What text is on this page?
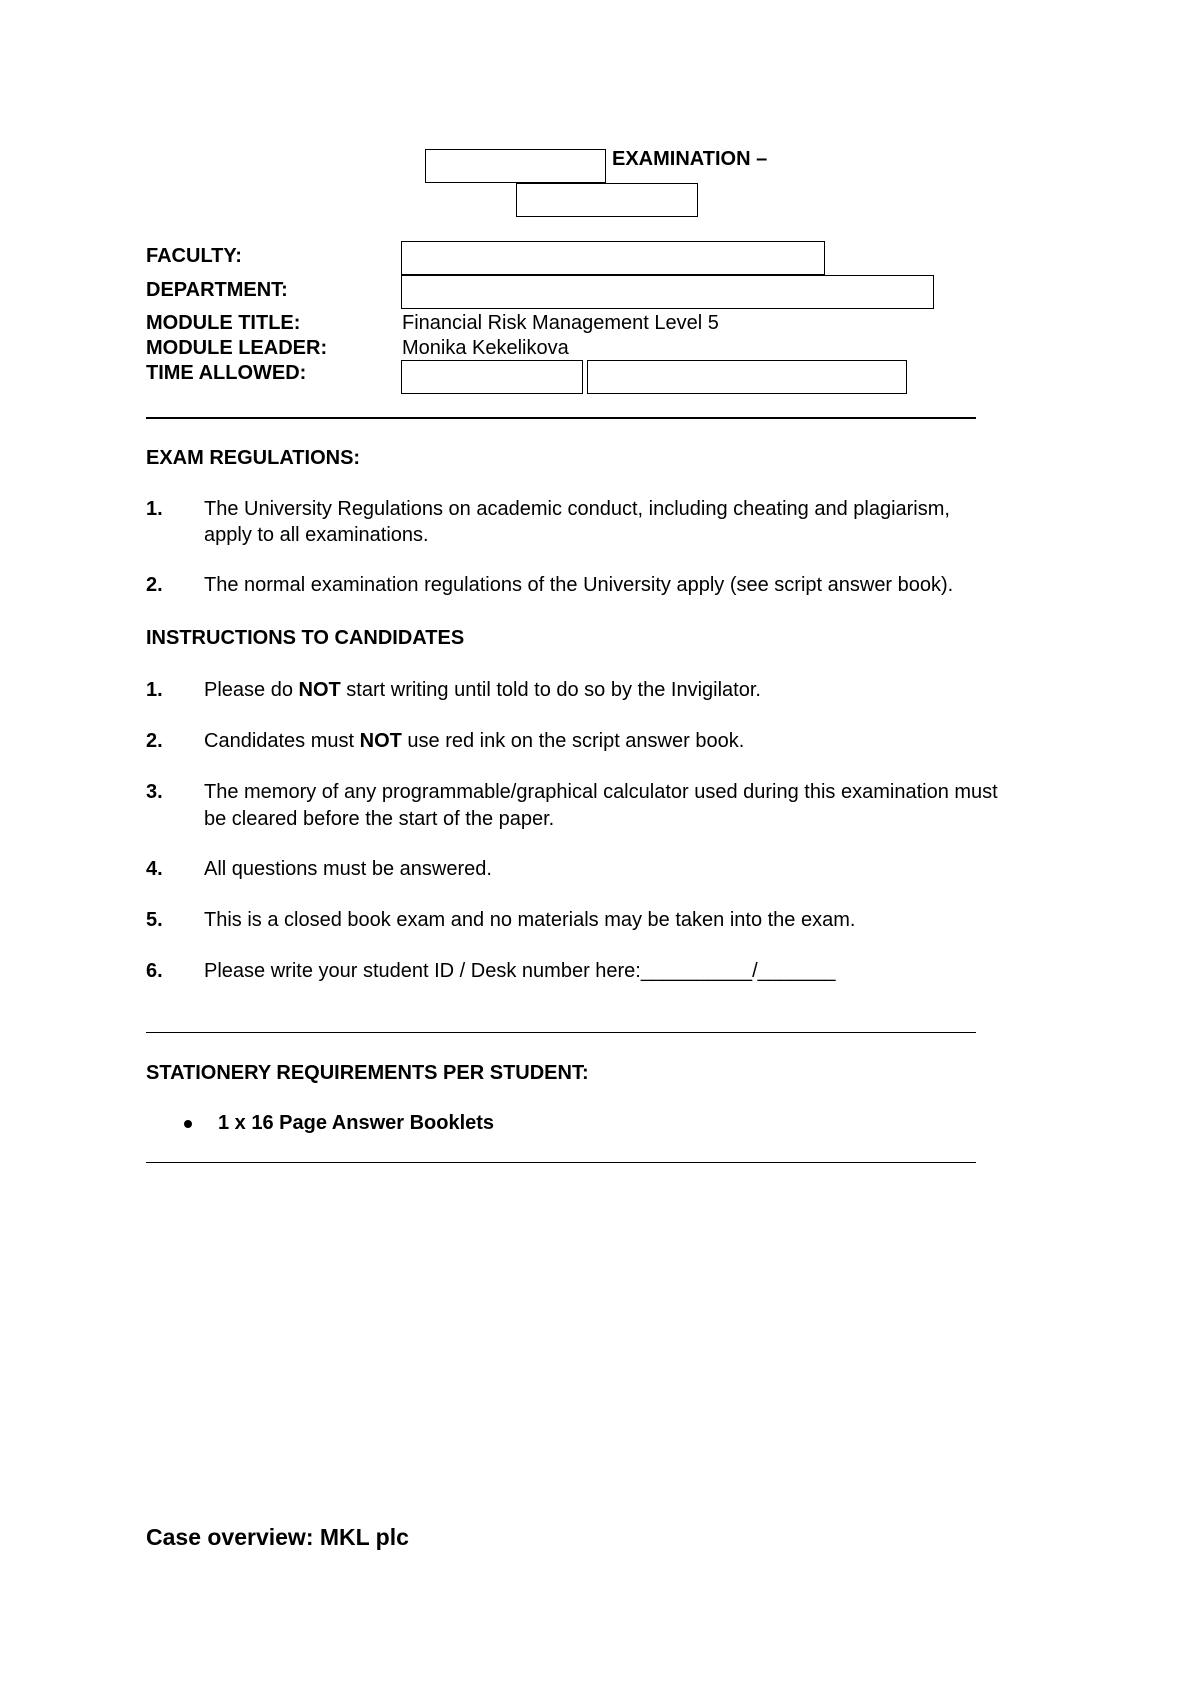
EXAMINATION –
FACULTY:
DEPARTMENT:
MODULE TITLE:	Financial Risk Management Level 5
MODULE LEADER:	Monika Kekelikova
TIME ALLOWED:
EXAM REGULATIONS:
1. The University Regulations on academic conduct, including cheating and plagiarism,
apply to all examinations.
2. The normal examination regulations of the University apply (see script answer book).
INSTRUCTIONS TO CANDIDATES
1. Please do NOT start writing until told to do so by the Invigilator.
2. Candidates must NOT use red ink on the script answer book.
3. The memory of any programmable/graphical calculator used during this examination must
be cleared before the start of the paper.
4. All questions must be answered.
5. This is a closed book exam and no materials may be taken into the exam.
6. Please write your student ID / Desk number here:__________/_______
STATIONERY REQUIREMENTS PER STUDENT:
1 x 16 Page Answer Booklets
Case overview: MKL plc
